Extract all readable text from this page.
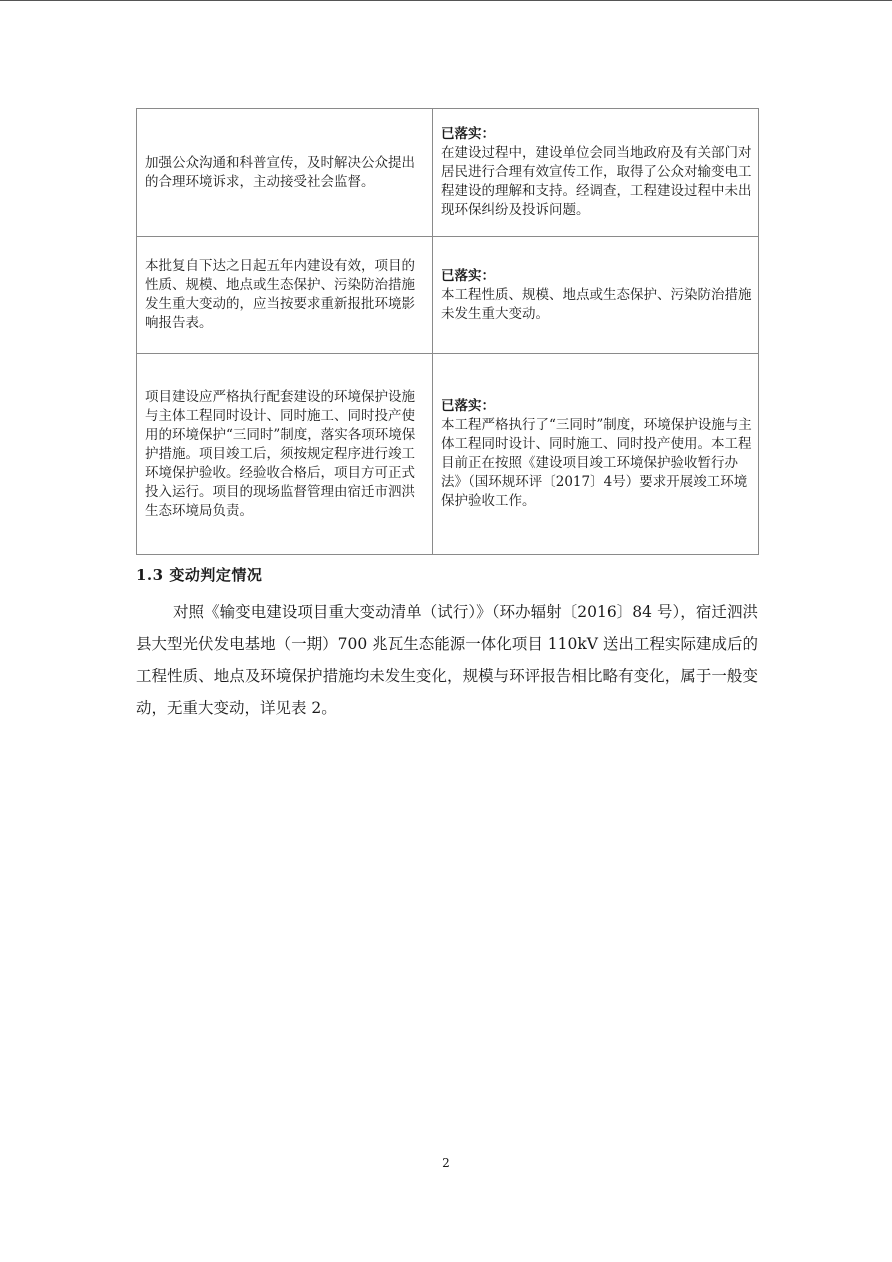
加强公众沟通和科普宣传，及时解决公众提出的合理环境诉求，主动接受社会监督。	已落实：
在建设过程中，建设单位会同当地政府及有关部门对居民进行合理有效宣传工作，取得了公众对输变电工程建设的理解和支持。经调查，工程建设过程中未出现环保纠纷及投诉问题。
本批复自下达之日起五年内建设有效，项目的性质、规模、地点或生态保护、污染防治措施发生重大变动的，应当按要求重新报批环境影响报告表。	已落实：
本工程性质、规模、地点或生态保护、污染防治措施未发生重大变动。
项目建设应严格执行配套建设的环境保护设施与主体工程同时设计、同时施工、同时投产使用的环境保护“三同时”制度，落实各项环境保护措施。项目竣工后，须按规定程序进行竣工环境保护验收。经验收合格后，项目方可正式投入运行。项目的现场监督管理由宿迁市泗洪生态环境局负责。	已落实：
本工程严格执行了“三同时”制度，环境保护设施与主体工程同时设计、同时施工、同时投产使用。本工程目前正在按照《建设项目竣工环境保护验收暂行办法》（国环规环评〔2017〕4号）要求开展竣工环境保护验收工作。
1.3 变动判定情况

对照《输变电建设项目重大变动清单（试行）》（环办辐射〔2016〕84 号），宿迁泗洪县大型光伏发电基地（一期）700 兆瓦生态能源一体化项目 110kV 送出工程实际建成后的工程性质、地点及环境保护措施均未发生变化，规模与环评报告相比略有变化，属于一般变动，无重大变动，详见表 2。

2
